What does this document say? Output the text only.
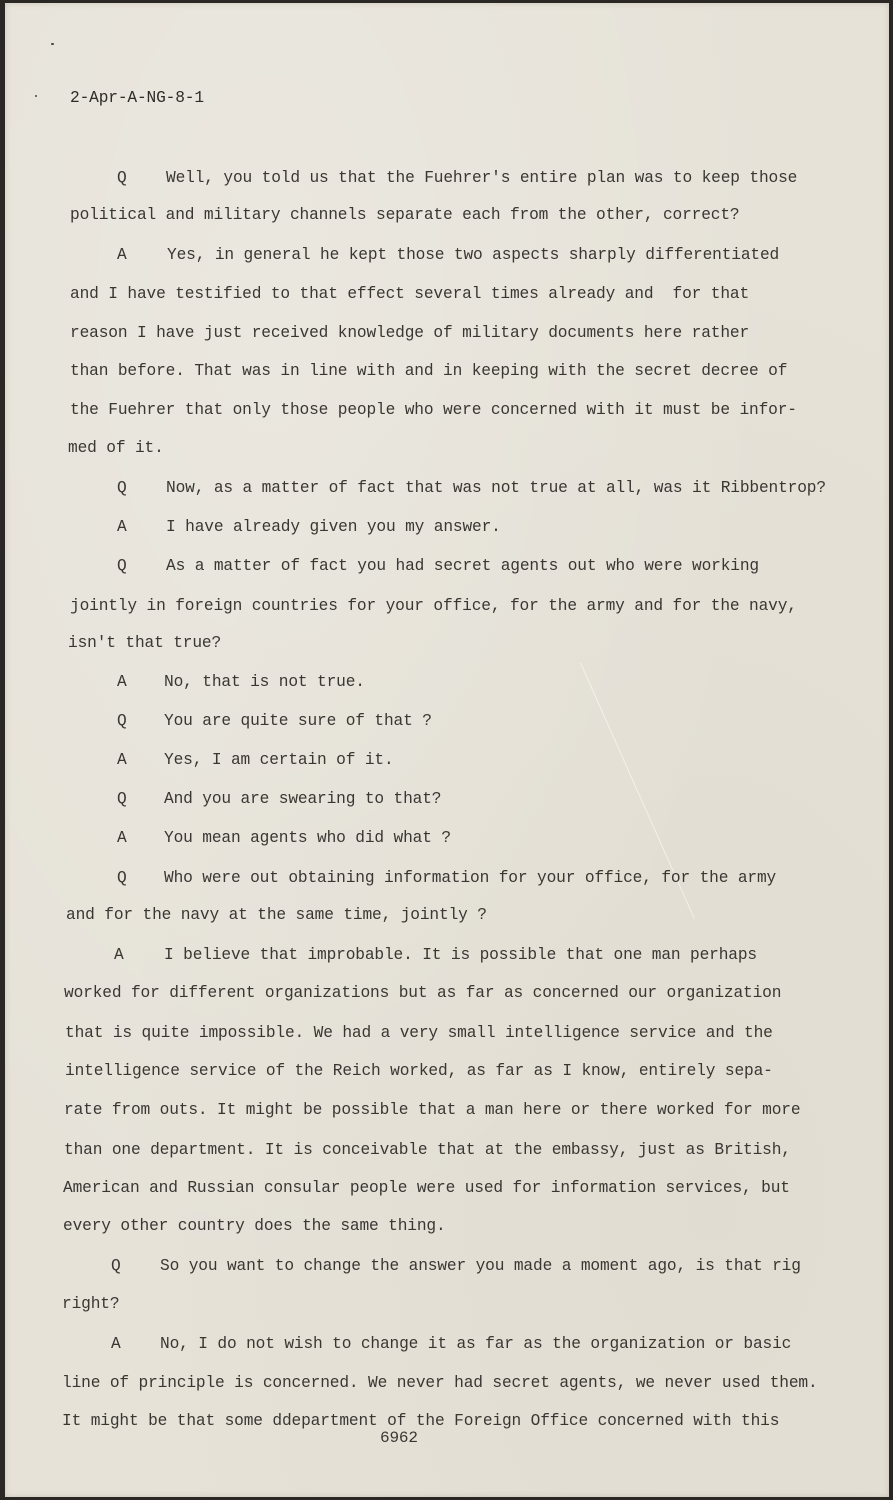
2-Apr-A-NG-8-1
Q Well, you told us that the Fuehrer's entire plan was to keep those
political and military channels separate each from the other, correct?
A Yes, in general he kept those two aspects sharply differentiated
and I have testified to that effect several times already and  for that
reason I have just received knowledge of military documents here rather
than before. That was in line with and in keeping with the secret decree of
the Fuehrer that only those people who were concerned with it must be infor-
med of it.
Q Now, as a matter of fact that was not true at all, was it Ribbentrop?
A I have already given you my answer.
Q As a matter of fact you had secret agents out who were working
jointly in foreign countries for your office, for the army and for the navy,
isn't that true?
A No, that is not true.
Q You are quite sure of that ?
A Yes, I am certain of it.
Q And you are swearing to that?
A You mean agents who did what ?
Q Who were out obtaining information for your office, for the army
and for the navy at the same time, jointly ?
A I believe that improbable. It is possible that one man perhaps
worked for different organizations but as far as concerned our organization
that is quite impossible. We had a very small intelligence service and the
intelligence service of the Reich worked, as far as I know, entirely sepa-
rate from outs. It might be possible that a man here or there worked for more
than one department. It is conceivable that at the embassy, just as British,
American and Russian consular people were used for information services, but
every other country does the same thing.
Q So you want to change the answer you made a moment ago, is that rig
right?
A No, I do not wish to change it as far as the organization or basic
line of principle is concerned. We never had secret agents, we never used them.
It might be that some ddepartment of the Foreign Office concerned with this
6962
